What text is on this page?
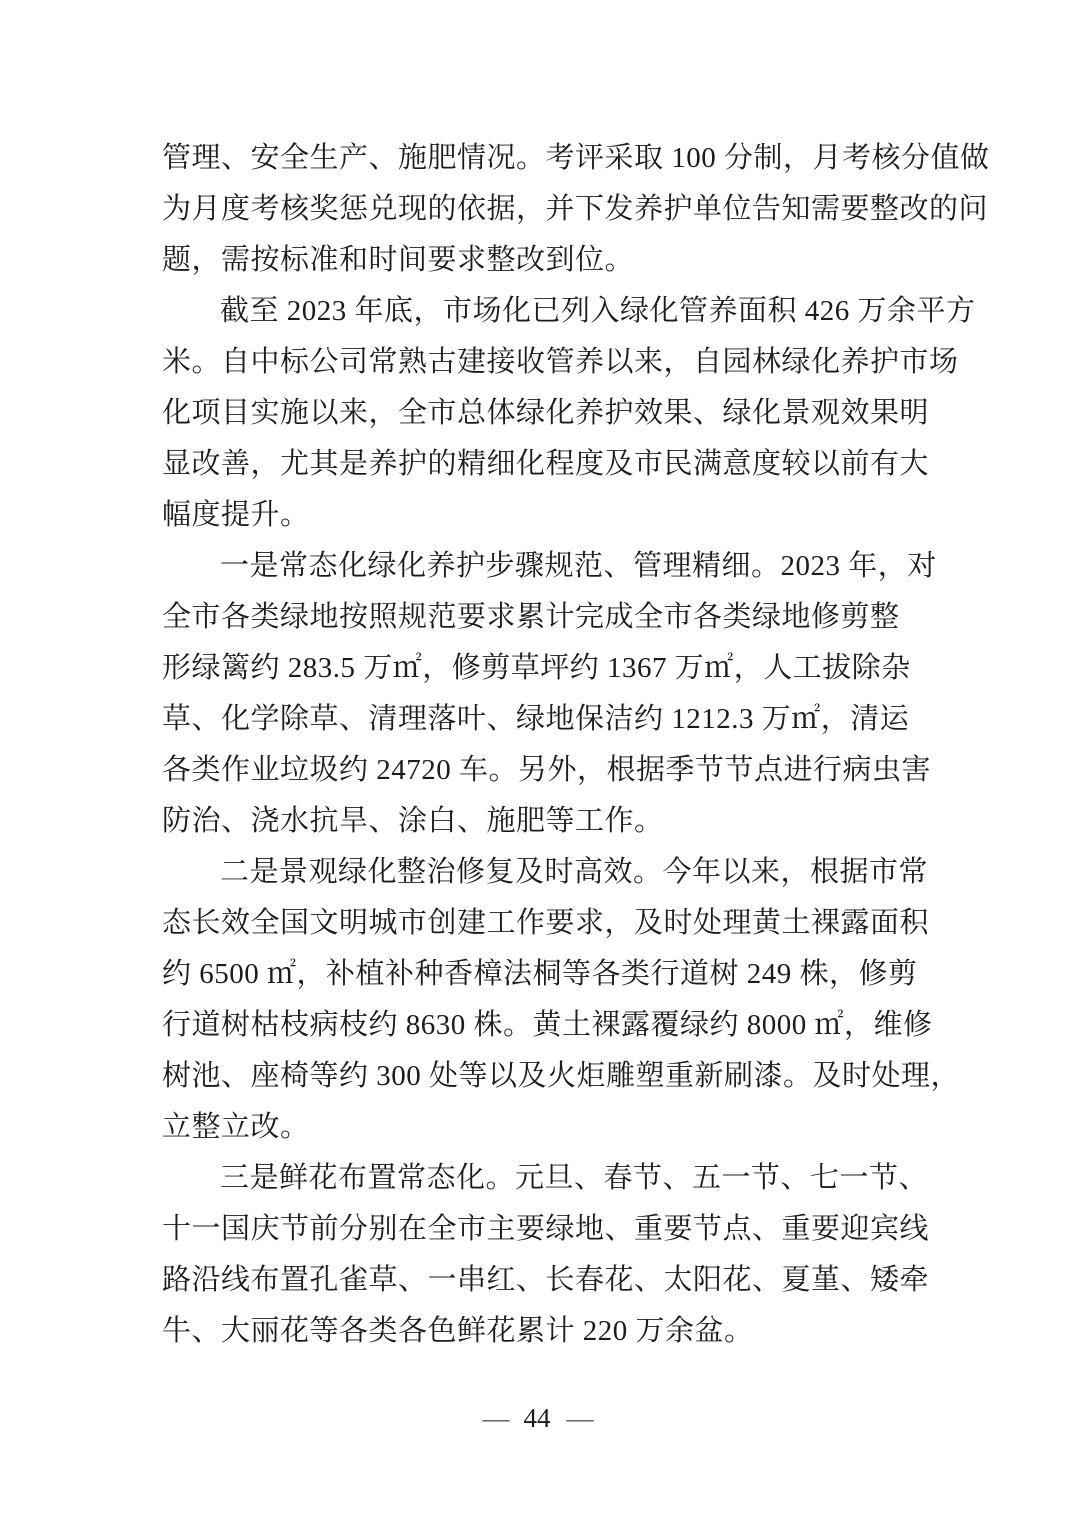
管理、安全生产、施肥情况。考评采取 100 分制，月考核分值做
为月度考核奖惩兑现的依据，并下发养护单位告知需要整改的问
题，需按标准和时间要求整改到位。
截至 2023 年底，市场化已列入绿化管养面积 426 万余平方
米。自中标公司常熟古建接收管养以来，自园林绿化养护市场
化项目实施以来，全市总体绿化养护效果、绿化景观效果明
显改善，尤其是养护的精细化程度及市民满意度较以前有大
幅度提升。
一是常态化绿化养护步骤规范、管理精细。2023 年，对
全市各类绿地按照规范要求累计完成全市各类绿地修剪整
形绿篱约 283.5 万㎡，修剪草坪约 1367 万㎡，人工拔除杂
草、化学除草、清理落叶、绿地保洁约 1212.3 万㎡，清运
各类作业垃圾约 24720 车。另外，根据季节节点进行病虫害
防治、浇水抗旱、涂白、施肥等工作。
二是景观绿化整治修复及时高效。今年以来，根据市常
态长效全国文明城市创建工作要求，及时处理黄土裸露面积
约 6500 ㎡，补植补种香樟法桐等各类行道树 249 株，修剪
行道树枯枝病枝约 8630 株。黄土裸露覆绿约 8000 ㎡，维修
树池、座椅等约 300 处等以及火炬雕塑重新刷漆。及时处理，
立整立改。
三是鲜花布置常态化。元旦、春节、五一节、七一节、
十一国庆节前分别在全市主要绿地、重要节点、重要迎宾线
路沿线布置孔雀草、一串红、长春花、太阳花、夏堇、矮牵
牛、大丽花等各类各色鲜花累计 220 万余盆。
— 44 —
